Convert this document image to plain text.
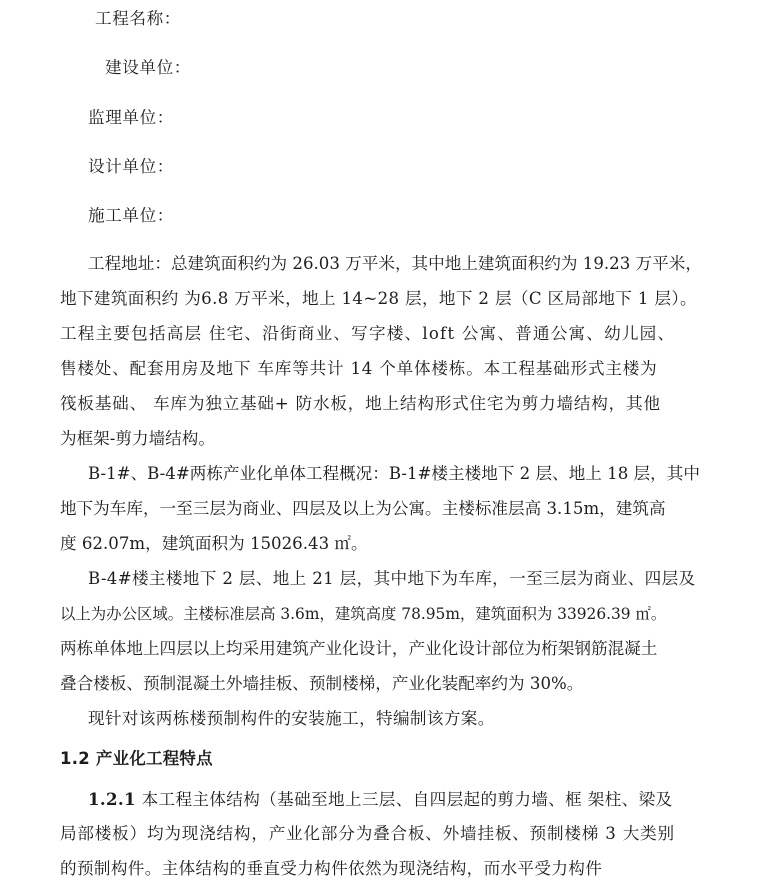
工程名称：
建设单位：
监理单位：
设计单位：
施工单位：
工程地址：总建筑面积约为 26.03 万平米，其中地上建筑面积约为 19.23 万平米，
地下建筑面积约 为6.8 万平米，地上 14~28 层，地下 2 层（C 区局部地下 1 层）。
工程主要包括高层 住宅、沿街商业、写字楼、loft 公寓、普通公寓、幼儿园、
售楼处、配套用房及地下 车库等共计 14 个单体楼栋。本工程基础形式主楼为
筏板基础、 车库为独立基础+ 防水板，地上结构形式住宅为剪力墙结构，其他
为框架-剪力墙结构。
B-1#、B-4#两栋产业化单体工程概况：B-1#楼主楼地下 2 层、地上 18 层，其中
地下为车库，一至三层为商业、四层及以上为公寓。主楼标准层高 3.15m，建筑高
度 62.07m，建筑面积为 15026.43 ㎡。
B-4#楼主楼地下 2 层、地上 21 层，其中地下为车库，一至三层为商业、四层及
以上为办公区域。主楼标准层高 3.6m，建筑高度 78.95m，建筑面积为 33926.39 ㎡。
两栋单体地上四层以上均采用建筑产业化设计，产业化设计部位为桁架钢筋混凝土
叠合楼板、预制混凝土外墙挂板、预制楼梯，产业化装配率约为 30%。
现针对该两栋楼预制构件的安装施工，特编制该方案。
1.2 产业化工程特点
1.2.1 本工程主体结构（基础至地上三层、自四层起的剪力墙、框 架柱、梁及
局部楼板）均为现浇结构，产业化部分为叠合板、外墙挂板、预制楼梯 3 大类别
的预制构件。主体结构的垂直受力构件依然为现浇结构，而水平受力构件
